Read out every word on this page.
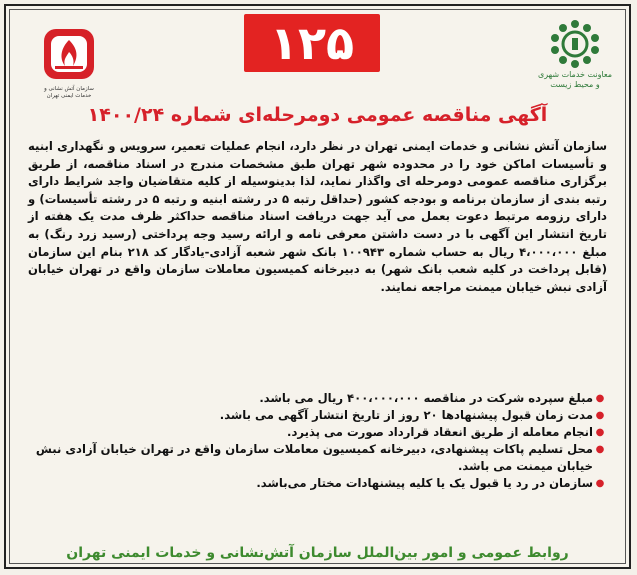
سازمان آتش نشانی و خدمات ایمنی تهران
۱۲۵
معاونت خدمات شهری و محیط زیست
آگهی مناقصه عمومی دومرحله‌ای شماره ۱۴۰۰/۲۴
سازمان آتش نشانی و خدمات ایمنی تهران در نظر دارد، انجام عملیات تعمیر، سرویس و نگهداری ابنیه و تأسیسات اماکن خود را در محدوده شهر تهران طبق مشخصات مندرج در اسناد مناقصه، از طریق برگزاری مناقصه عمومی دومرحله ای واگذار نماید، لذا بدینوسیله از کلیه متقاضیان واجد شرایط دارای رتبه بندی از سازمان برنامه و بودجه کشور (حداقل رتبه ۵ در رشته ابنیه و رتبه ۵ در رشته تأسیسات) و دارای رزومه مرتبط دعوت بعمل می آید جهت دریافت اسناد مناقصه حداکثر ظرف مدت یک هفته از تاریخ انتشار این آگهی با در دست داشتن معرفی نامه و ارائه رسید وجه پرداختی (رسید زرد رنگ) به مبلغ ۴،۰۰۰،۰۰۰ ریال به حساب شماره ۱۰۰۹۴۳ بانک شهر شعبه آزادی-یادگار کد ۲۱۸ بنام این سازمان (قابل پرداخت در کلیه شعب بانک شهر) به دبیرخانه کمیسیون معاملات سازمان واقع در تهران خیابان آزادی نبش خیابان میمنت مراجعه نمایند.
●
مبلغ سپرده شرکت در مناقصه ۴۰۰،۰۰۰،۰۰۰ ریال می باشد.
●
مدت زمان قبول پیشنهادها ۲۰ روز از تاریخ انتشار آگهی می باشد.
●
انجام معامله از طریق انعقاد قرارداد صورت می پذیرد.
●
محل تسلیم پاکات پیشنهادی، دبیرخانه کمیسیون معاملات سازمان واقع در تهران خیابان آزادی نبش خیابان میمنت می باشد.
●
سازمان در رد یا قبول یک یا کلیه پیشنهادات مختار می‌باشد.
روابط عمومی و امور بین‌الملل سازمان آتش‌نشانی و خدمات ایمنی تهران
